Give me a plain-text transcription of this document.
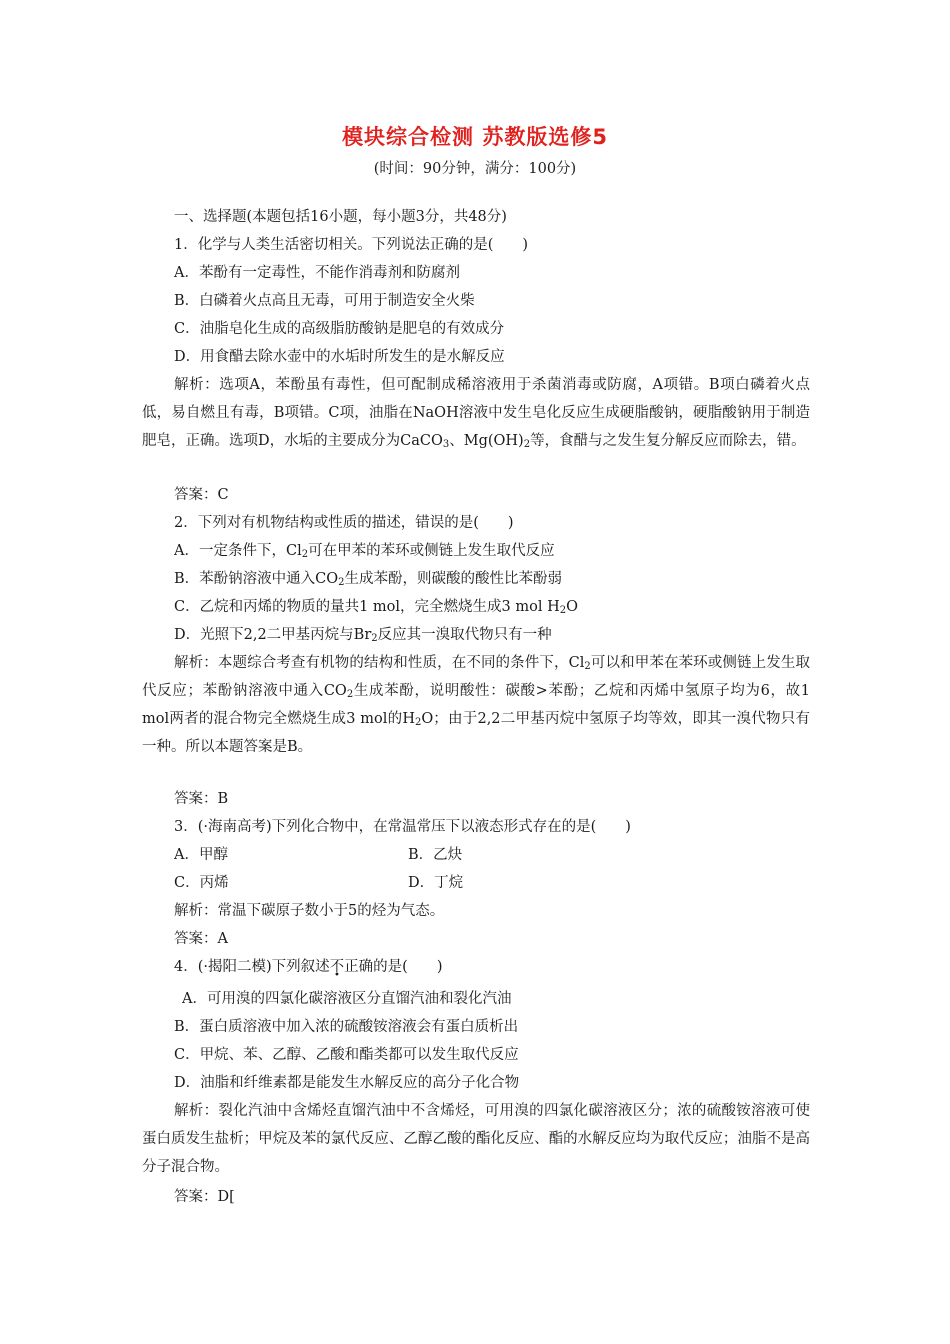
模块综合检测 苏教版选修5
(时间：90分钟，满分：100分)
一、选择题(本题包括16小题，每小题3分，共48分)
1．化学与人类生活密切相关。下列说法正确的是(　　)
A．苯酚有一定毒性，不能作消毒剂和防腐剂
B．白磷着火点高且无毒，可用于制造安全火柴
C．油脂皂化生成的高级脂肪酸钠是肥皂的有效成分
D．用食醋去除水壶中的水垢时所发生的是水解反应
解析：选项A，苯酚虽有毒性，但可配制成稀溶液用于杀菌消毒或防腐，A项错。B项白磷着火点低，易自燃且有毒，B项错。C项，油脂在NaOH溶液中发生皂化反应生成硬脂酸钠，硬脂酸钠用于制造肥皂，正确。选项D，水垢的主要成分为CaCO$_3$、$Mg(OH)_2$等，食醋与之发生复分解反应而除去，错。
答案：C
2．下列对有机物结构或性质的描述，错误的是(　　)
A．一定条件下，$Cl_2$可在甲苯的苯环或侧链上发生取代反应
B．苯酚钠溶液中通入$CO_2$生成苯酚，则碳酸的酸性比苯酚弱
C．乙烷和丙烯的物质的量共1 mol，完全燃烧生成3 mol $H_2O$
D．光照下2,2二甲基丙烷与$Br_2$反应其一溴取代物只有一种
解析：本题综合考查有机物的结构和性质，在不同的条件下，$Cl_2$可以和甲苯在苯环或侧链上发生取代反应；苯酚钠溶液中通入$CO_2$生成苯酚，说明酸性：碳酸>苯酚；乙烷和丙烯中氢原子均为6，故1 mol两者的混合物完全燃烧生成3 mol的$H_2O$；由于2,2二甲基丙烷中氢原子均等效，即其一溴代物只有一种。所以本题答案是B。
答案：B
3．(·海南高考)下列化合物中，在常温常压下以液态形式存在的是(　　)
A．甲醇	B．乙炔
C．丙烯	D．丁烷
解析：常温下碳原子数小于5的烃为气态。
答案：A
4．(·揭阳二模)下列叙述不正确的是(　　)
A．可用溴的四氯化碳溶液区分直馏汽油和裂化汽油
B．蛋白质溶液中加入浓的硫酸铵溶液会有蛋白质析出
C．甲烷、苯、乙醇、乙酸和酯类都可以发生取代反应
D．油脂和纤维素都是能发生水解反应的高分子化合物
解析：裂化汽油中含烯烃直馏汽油中不含烯烃，可用溴的四氯化碳溶液区分；浓的硫酸铵溶液可使蛋白质发生盐析；甲烷及苯的氯代反应、乙醇乙酸的酯化反应、酯的水解反应均为取代反应；油脂不是高分子混合物。
答案：D[
